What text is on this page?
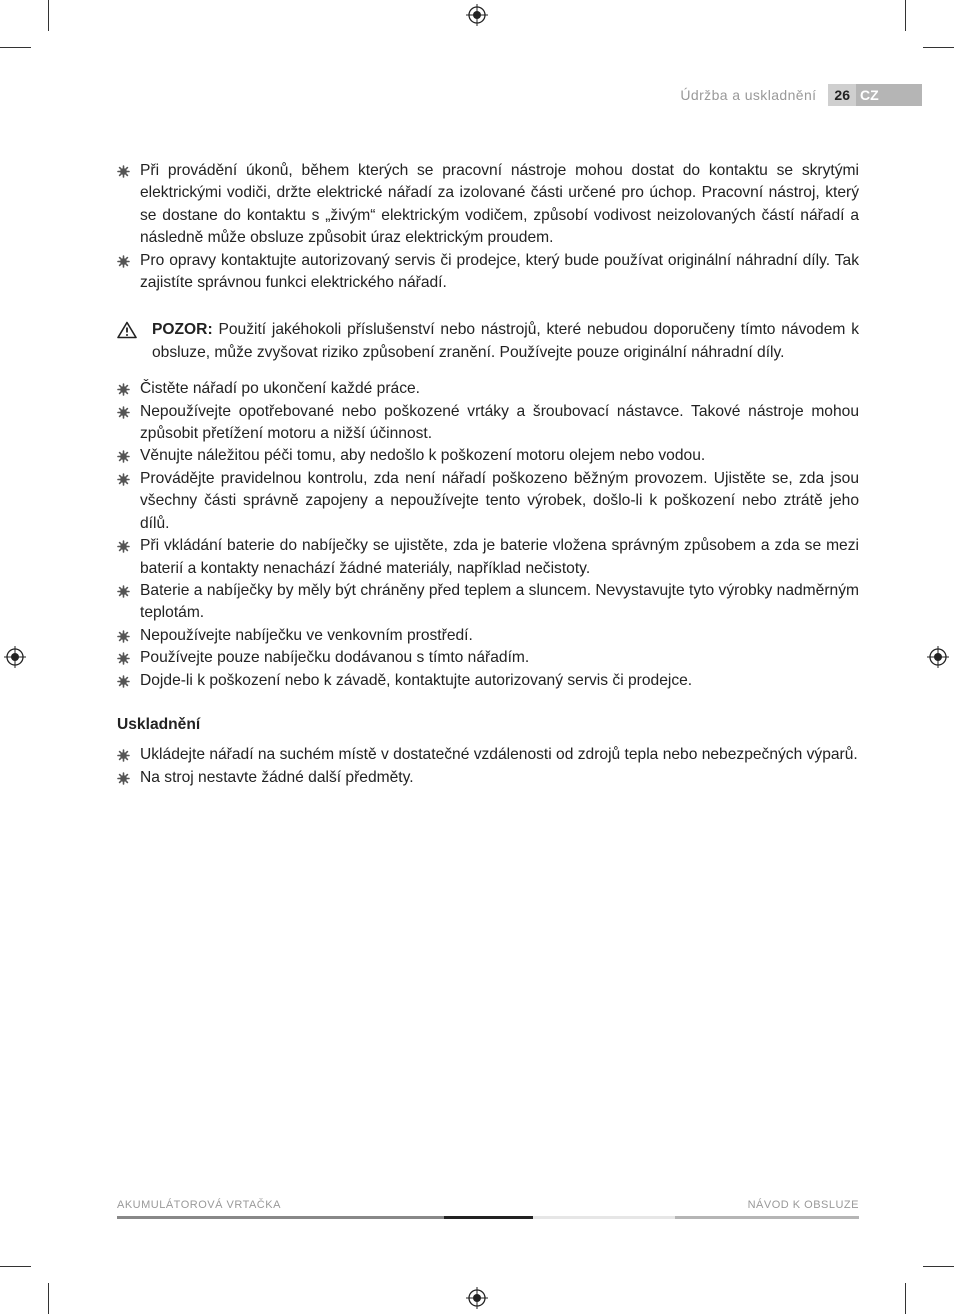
Údržba a uskladnění	26 CZ
Při provádění úkonů, během kterých se pracovní nástroje mohou dostat do kontaktu se skrytými elektrickými vodiči, držte elektrické nářadí za izolované části určené pro úchop. Pracovní nástroj, který se dostane do kontaktu s „živým“ elektrickým vodičem, způsobí vodivost neizolovaných částí nářadí a následně může obsluze způsobit úraz elektrickým proudem.
Pro opravy kontaktujte autorizovaný servis či prodejce, který bude používat originální náhradní díly. Tak zajistíte správnou funkci elektrického nářadí.
POZOR: Použití jakéhokoli příslušenství nebo nástrojů, které nebudou doporučeny tímto návodem k obsluze, může zvyšovat riziko způsobení zranění. Používejte pouze originální náhradní díly.
Čistěte nářadí po ukončení každé práce.
Nepoužívejte opotřebované nebo poškozené vrtáky a šroubovací nástavce. Takové nástroje mohou způsobit přetížení motoru a nižší účinnost.
Věnujte náležitou péči tomu, aby nedošlo k poškození motoru olejem nebo vodou.
Provádějte pravidelnou kontrolu, zda není nářadí poškozeno běžným provozem. Ujistěte se, zda jsou všechny části správně zapojeny a nepoužívejte tento výrobek, došlo-li k poškození nebo ztrátě jeho dílů.
Při vkládání baterie do nabíječky se ujistěte, zda je baterie vložena správným způsobem a zda se mezi baterií a kontakty nenachází žádné materiály, například nečistoty.
Baterie a nabíječky by měly být chráněny před teplem a sluncem. Nevystavujte tyto výrobky nadměrným teplotám.
Nepoužívejte nabíječku ve venkovním prostředí.
Používejte pouze nabíječku dodávanou s tímto nářadím.
Dojde-li k poškození nebo k závadě, kontaktujte autorizovaný servis či prodejce.
Uskladnění
Ukládejte nářadí na suchém místě v dostatečné vzdálenosti od zdrojů tepla nebo nebezpečných výparů.
Na stroj nestavte žádné další předměty.
AKUMULÁTOROVÁ VRTAČKA	NÁVOD K OBSLUZE
